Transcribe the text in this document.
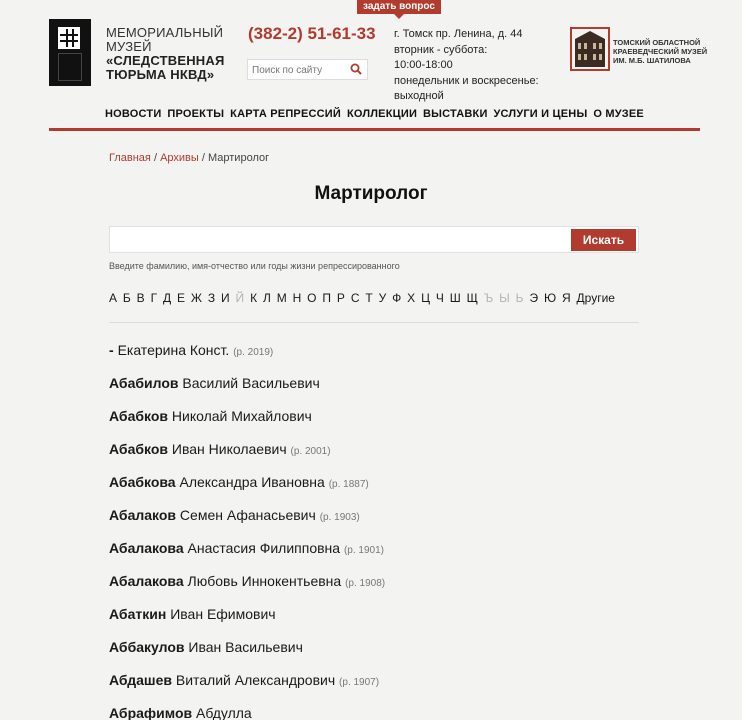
МЕМОРИАЛЬНЫЙ
МУЗЕЙ
«СЛЕДСТВЕННАЯ
ТЮРЬМА НКВД»
задать вопрос
(382-2) 51-61-33
Поиск по сайту г. Томск пр. Ленина, д. 44
вторник - суббота:
10:00-18:00
понедельник и воскресенье: выходной
ТОМСКИЙ ОБЛАСТНОЙ КРАЕВЕДЧЕСКИЙ МУЗЕЙ ИМ. М.Б. ШАТИЛОВА
НОВОСТИ ПРОЕКТЫ КАРТА РЕПРЕССИЙ КОЛЛЕКЦИИ ВЫСТАВКИ УСЛУГИ И ЦЕНЫ О МУЗЕЕ
Главная / Архивы / Мартиролог
Мартиролог
Искать
Введите фамилию, имя-отчество или годы жизни репрессированного
А Б В Г Д Е Ж З И Й К Л М Н О П Р С Т У Ф Х Ц Ч Ш Щ Ъ Ы Ь Э Ю Я Другие
- Екатерина Конст. (р. 2019)
Абабилов Василий Васильевич
Абабков Николай Михайлович
Абабков Иван Николаевич (р. 2001)
Абабкова Александра Ивановна (р. 1887)
Абалаков Семен Афанасьевич (р. 1903)
Абалакова Анастасия Филипповна (р. 1901)
Абалакова Любовь Иннокентьевна (р. 1908)
Абаткин Иван Ефимович
Аббакулов Иван Васильевич
Абдашев Виталий Александрович (р. 1907)
Абрафимов Абдулла
